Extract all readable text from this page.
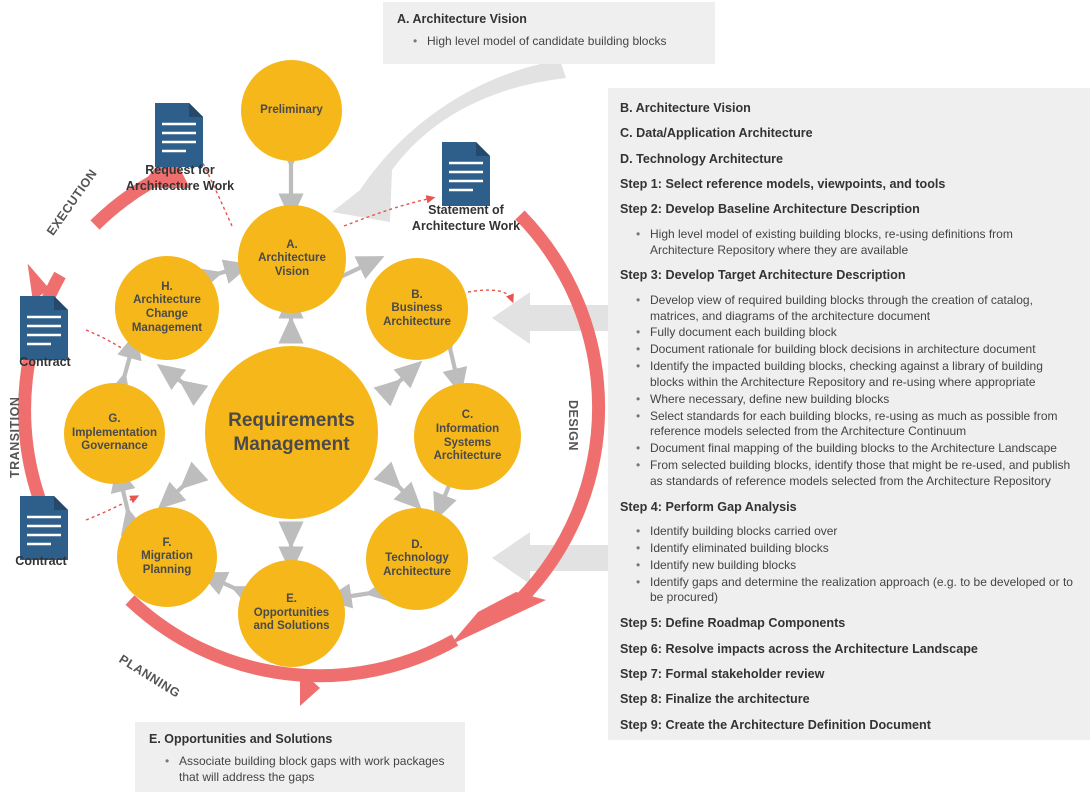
Preliminary
A.
Architecture
Vision
B.
Business
Architecture
C.
Information
Systems
Architecture
D.
Technology
Architecture
E.
Opportunities
and Solutions
F.
Migration
Planning
G.
Implementation
Governance
H.
Architecture
Change
Management
Requirements
Management
Request for
Architecture Work
Statement of
Architecture Work
Contract
Contract
EXECUTION
DESIGN
TRANSITION
PLANNING
A. Architecture Vision
• High level model of candidate building blocks
E. Opportunities and Solutions
• Associate building block gaps with work packages that will address the gaps
B. Architecture Vision
C. Data/Application Architecture
D. Technology Architecture
Step 1: Select reference models, viewpoints, and tools
Step 2: Develop Baseline Architecture Description
• High level model of existing building blocks, re-using definitions from Architecture Repository where they are available
Step 3: Develop Target Architecture Description
• Develop view of required building blocks through the creation of catalog, matrices, and diagrams of the architecture document
• Fully document each building block
• Document rationale for building block decisions in architecture document
• Identify the impacted building blocks, checking against a library of building blocks within the Architecture Repository and re-using where appropriate
• Where necessary, define new building blocks
• Select standards for each building blocks, re-using as much as possible from reference models selected from the Architecture Continuum
• Document final mapping of the building blocks to the Architecture Landscape
• From selected building blocks, identify those that might be re-used, and publish as standards of reference models selected from the Architecture Repository
Step 4: Perform Gap Analysis
• Identify building blocks carried over
• Identify eliminated building blocks
• Identify new building blocks
• Identify gaps and determine the realization approach (e.g. to be developed or to be procured)
Step 5: Define Roadmap Components
Step 6: Resolve impacts across the Architecture Landscape
Step 7: Formal stakeholder review
Step 8: Finalize the architecture
Step 9: Create the Architecture Definition Document
